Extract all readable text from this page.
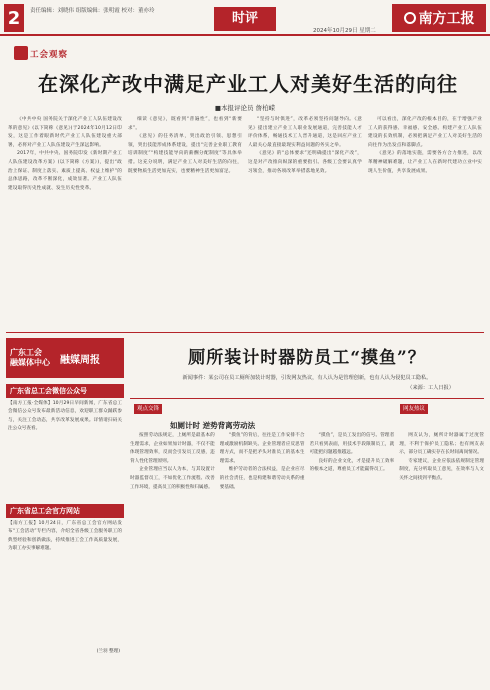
2	责任编辑：刘晓伟 组版编辑：张明霞 校对：董亦玲	时评
2024年10月29日 星期二
南方工报
工会观察
在深化产改中满足产业工人对美好生活的向往
■本报评论员 詹柏嵘

《中共中央 国务院关于深化产业工人队伍建设改革的意见》(以下简称《意见》)于2024年10月12日印发，这是工作着眼新时代产业工人队伍建设重大部署，必将对产业工人队伍建设产生深远影响。

2017年，中共中央、国务院印发《新时期产业工人队伍建设改革方案》(以下简称《方案》)，提出“政治上保证、制度上落实、素质上提高、权益上维护”的总体思路，改革不断深化，成效显著。产业工人队伍建设取得历史性成就、发生历史性变革。

细读《意见》，既看到“普遍性”，也看到“新要求”。

《意见》的任务清单，突出政治引领、思想引领，突出技能形成体系建设，提出“完善企业职工教育培训制度”“构建技能导向的薪酬分配制度”等具体举措。这充分说明，满足产业工人对美好生活的向往，既要物质生活更加充实，也要精神生活更加富足。

“坚持与时俱进”，改革必须坚持问题导向。《意见》提出建立产业工人职业发展通道，完善技能人才评价体系，畅通技术工人晋升通道，这是回应产业工人最关心最直接最现实利益问题的务实之举。

《意见》的“总体要求”还明确提出“深化产改”，这是对产改推向纵深的重要指引。各级工会要认真学习领会，推动各项改革举措落地见效。

可以看出，深化产改的根本目的，在于增强产业工人的获得感、幸福感、安全感。构建产业工人队伍建设的长效机制，必须把满足产业工人对美好生活的向往作为出发点和落脚点。

《意见》的落地实施，需要各方合力推进，以改革精神破解难题，让产业工人在新时代建功立业中实现人生价值，共享发展成果。

广东工会
融媒体中心 融媒周报
广东省总工会微信公众号
【南方工报·全媒体】10月29日早间新闻，广东省总工会微信公众号发布最新活动信息，欢迎职工群众踊跃参与，关注工会动态，共享改革发展成果。详情请扫码关注公众号查看。
广东省总工会官方网站
【南方工报】10月24日，广东省总工会官方网站发布“工会活动”专栏内容，介绍全省各级工会服务职工的典型经验和创新做法，持续推进工会工作高质量发展，为职工办实事解难题。
(兰羽 整理)
厕所装计时器防员工“摸鱼”？
新闻事件：某公司在员工厕所加装计时器，引发网友热议，有人认为是管理创新，也有人认为侵犯员工隐私。
（来源：工人日报）
观点交锋	网友热议
如厕计时 逆势背离劳动法

按照劳动法规定，上厕所是最基本的生理需求，企业如果加计时器，不仅不能体现管理效率，反而会引发员工反感，违背人性化管理原则。

企业管理应当以人为本，与其设置计时器监督员工，不如优化工作流程、改善工作环境，提高员工的积极性和归属感。

“摸鱼”的背后，往往是工作安排不合理或激励机制缺失。企业管理者应反思管理方式，而不是把矛头对准员工的基本生理需求。

维护劳动者的合法权益，是企业应尽的社会责任，也是构建和谐劳动关系的重要基础。

“摸鱼”，是员工发出的信号。管理者若只看到表面，用技术手段限制员工，就可能把问题越推越远。

良好的企业文化，才是提升员工效率的根本之道，尊重员工才能赢得员工。

网友认为，厕所计时器属于过度管理，不利于保护员工隐私；也有网友表示，部分员工确实存在长时间离岗情况。

专家建议，企业应依法依规制定管理制度，充分听取员工意见，在效率与人文关怀之间找到平衡点。
